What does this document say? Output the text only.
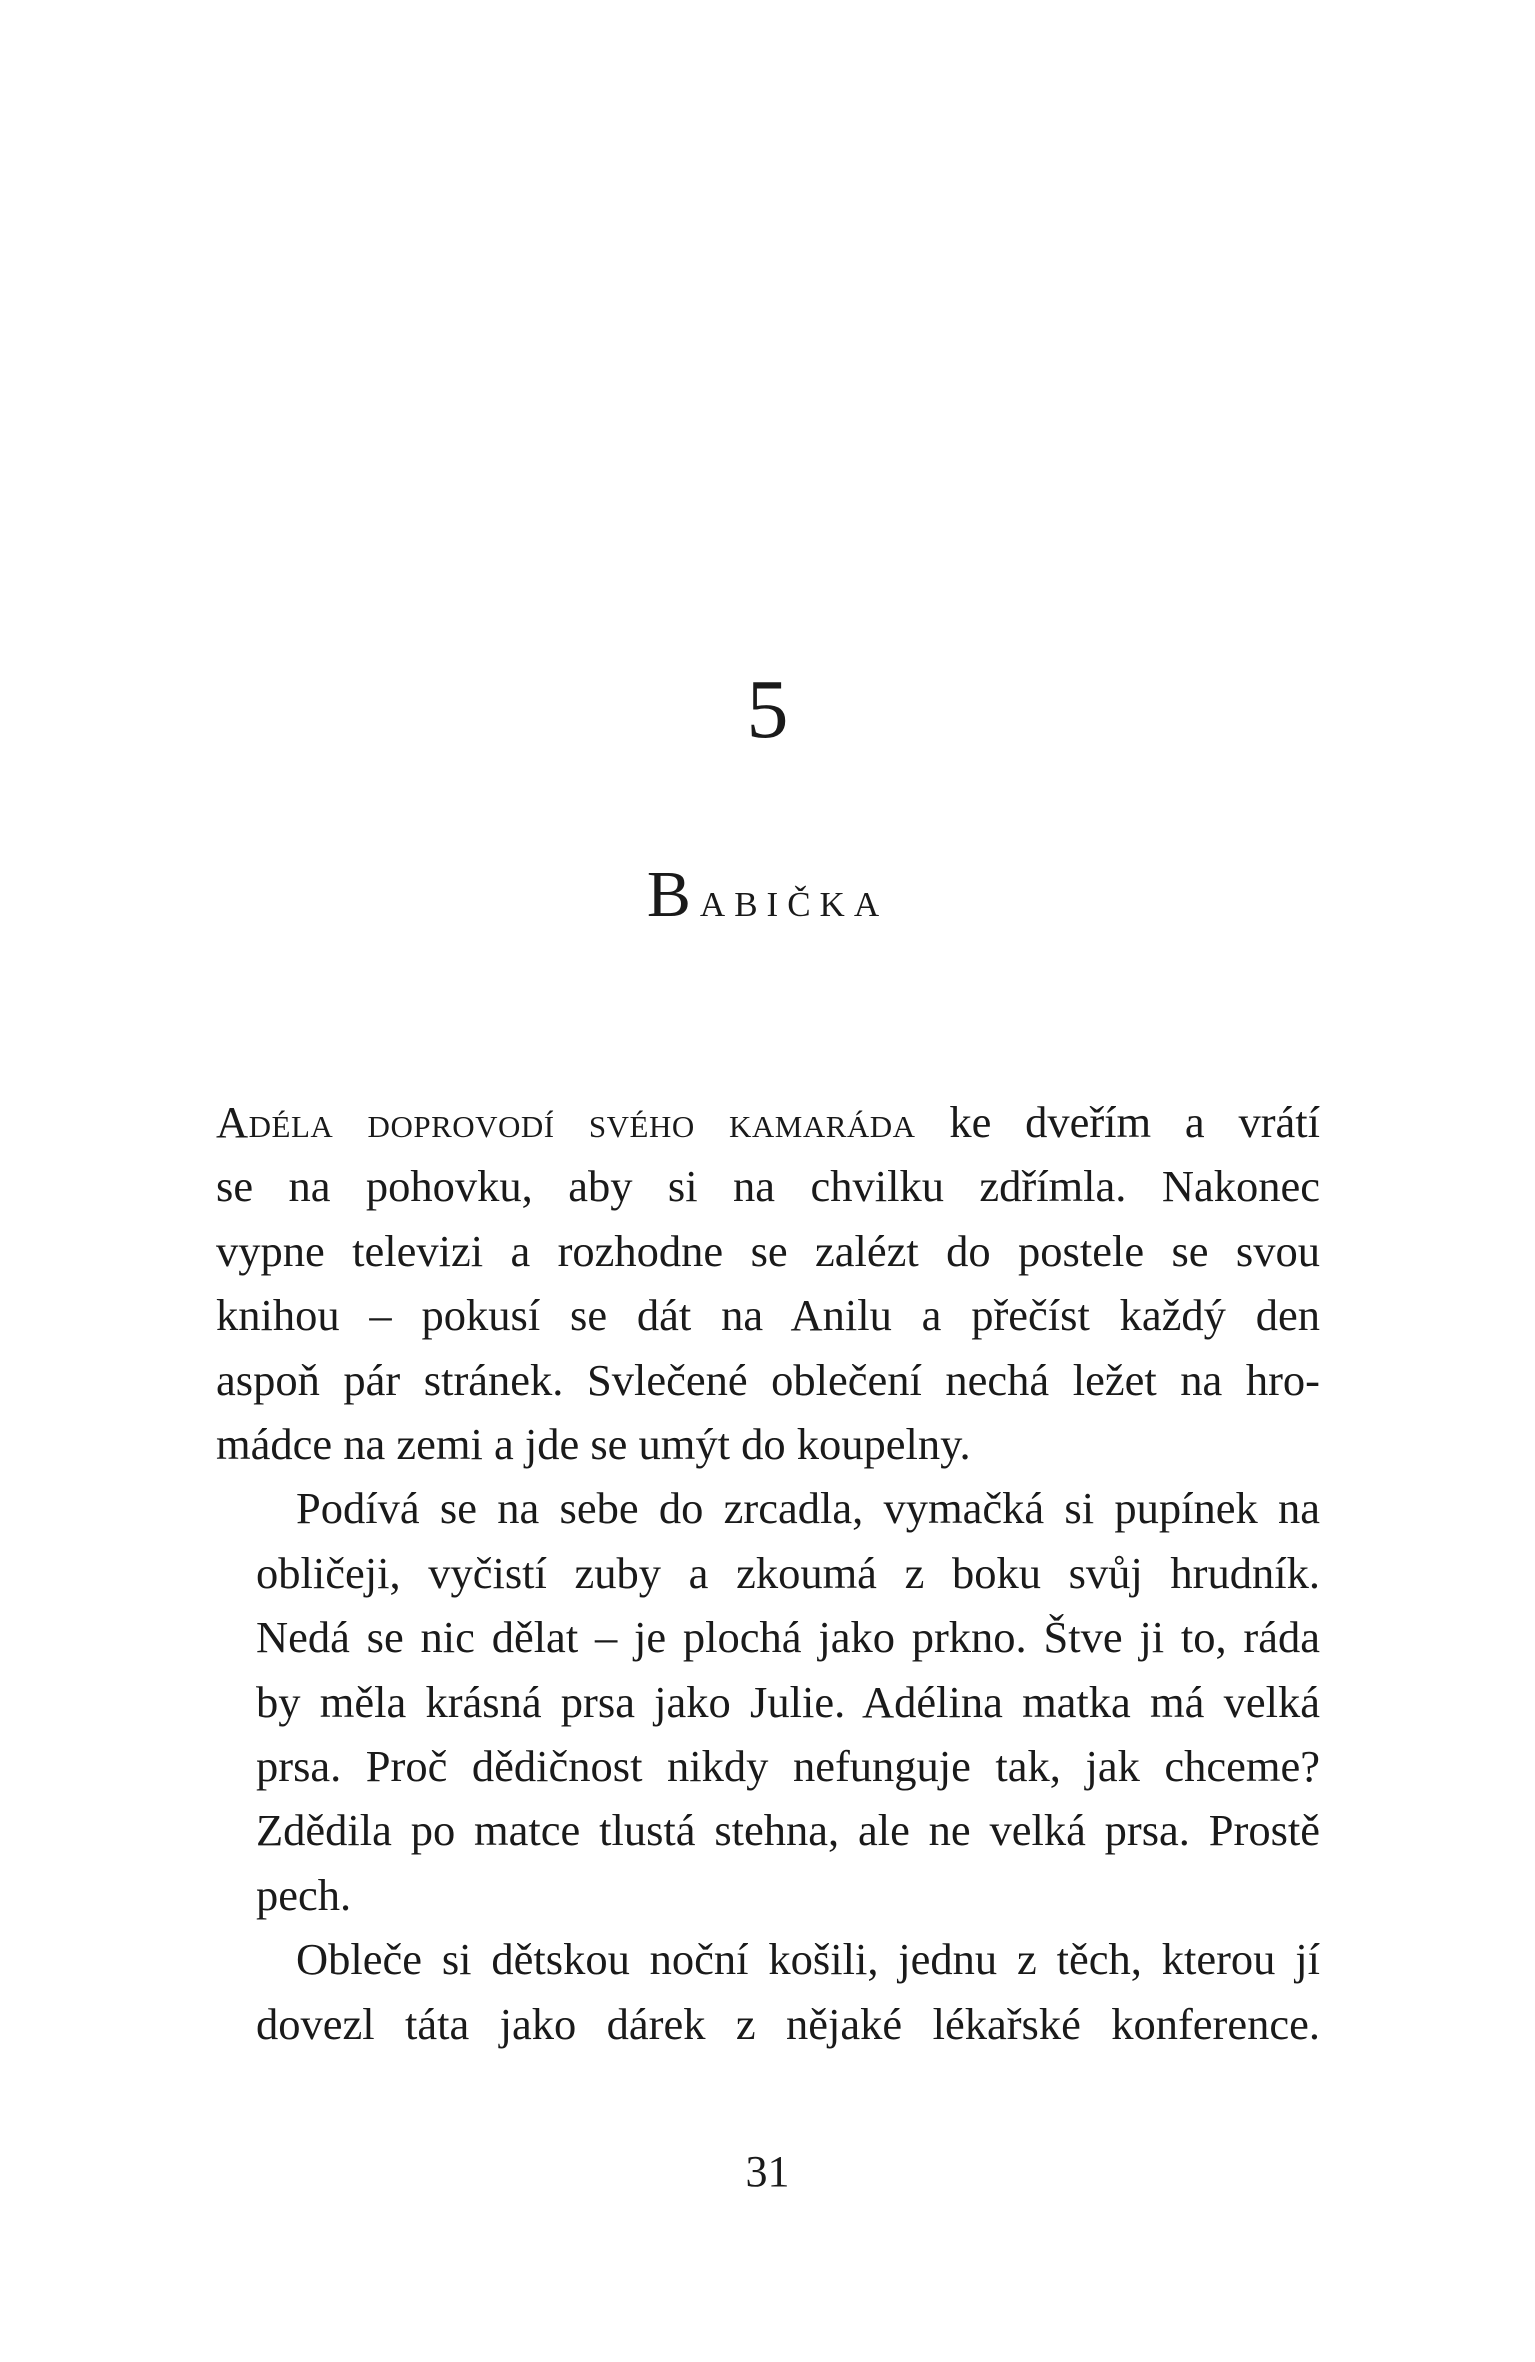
5
Babička
Adéla doprovodí svého kamaráda ke dveřím a vrátí
se na pohovku, aby si na chvilku zdřímla. Nakonec
vypne televizi a rozhodne se zalézt do postele se svou
knihou – pokusí se dát na Anilu a přečíst každý den
aspoň pár stránek. Svlečené oblečení nechá ležet na hro-
mádce na zemi a jde se umýt do koupelny.
Podívá se na sebe do zrcadla, vymačká si pupínek na
obličeji, vyčistí zuby a zkoumá z boku svůj hrudník.
Nedá se nic dělat – je plochá jako prkno. Štve ji to, ráda
by měla krásná prsa jako Julie. Adélina matka má velká
prsa. Proč dědičnost nikdy nefunguje tak, jak chceme?
Zdědila po matce tlustá stehna, ale ne velká prsa. Prostě
pech.
Obleče si dětskou noční košili, jednu z těch, kterou jí
dovezl táta jako dárek z nějaké lékařské konference.

31
